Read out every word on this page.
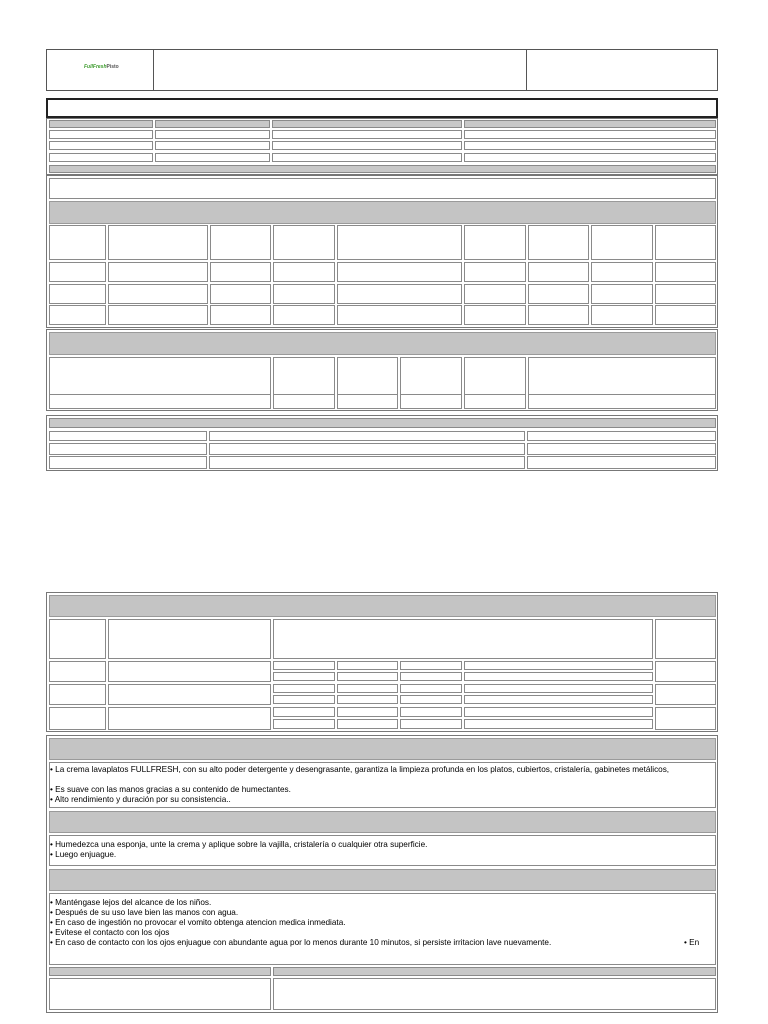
FullFreshPisto
• La crema lavaplatos FULLFRESH, con su alto poder detergente y desengrasante, garantiza la limpieza profunda en los platos, cubiertos, cristalería, gabinetes metálicos,
• Es suave con las manos gracias a su contenido de humectantes.
• Alto rendimiento y duración por su consistencia..
• Humedezca una esponja, unte la crema y aplique sobre la vajilla, cristalería o cualquier otra superficie.
• Luego enjuague.
• Manténgase lejos del alcance de los niños.
• Después de su uso lave bien las manos con agua.
• En caso de ingestión no provocar el vomito obtenga atencion medica inmediata.
• Evitese el contacto con los ojos
• En caso de contacto con los ojos enjuague con abundante agua por lo menos durante 10 minutos, si persiste irritacion lave nuevamente.	• En
